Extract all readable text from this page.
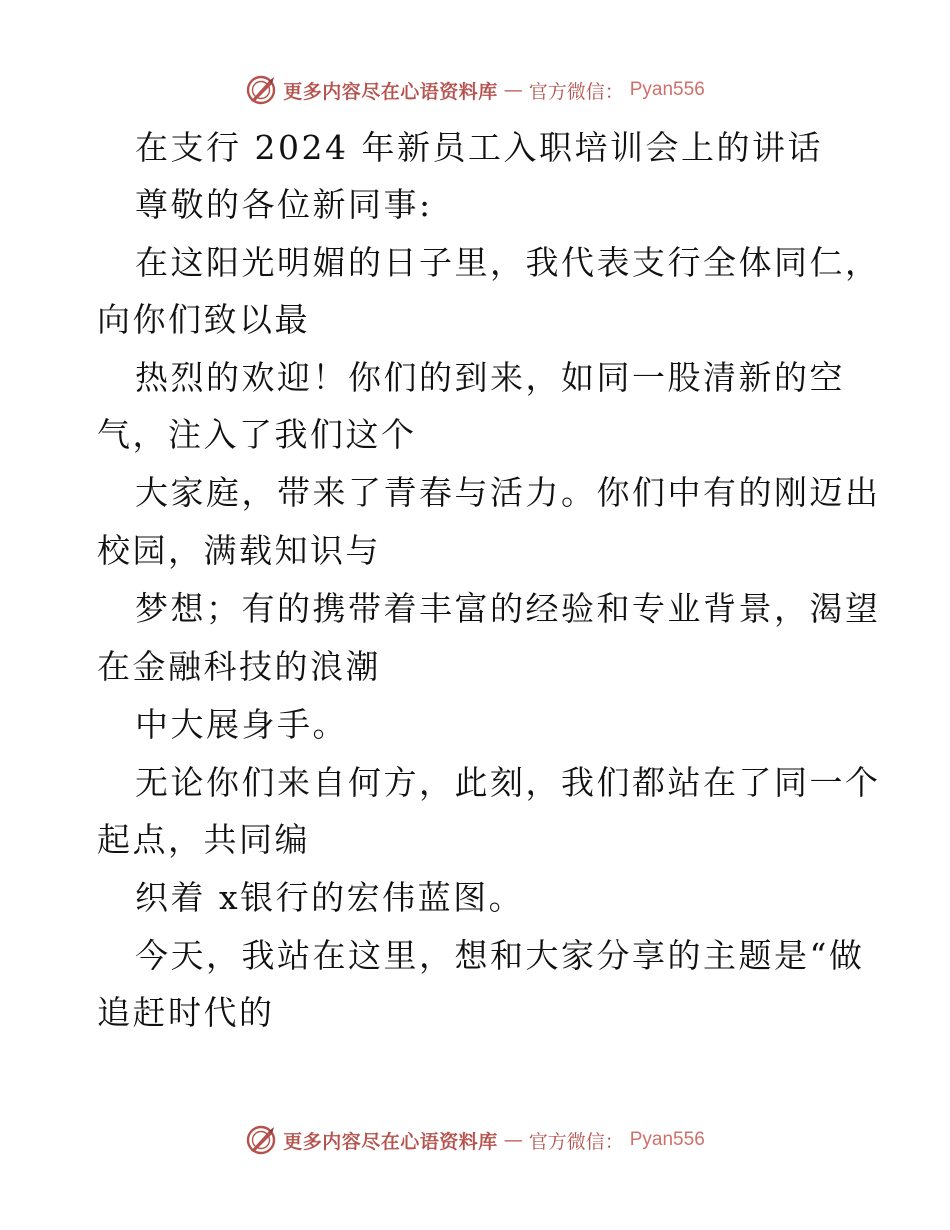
更多内容尽在心语资料库 — 官方微信： Pyan556
在支行 2024 年新员工入职培训会上的讲话
尊敬的各位新同事:
在这阳光明媚的日子里，我代表支行全体同仁，
向你们致以最
热烈的欢迎！你们的到来，如同一股清新的空
气，注入了我们这个
大家庭，带来了青春与活力。你们中有的刚迈出
校园，满载知识与
梦想；有的携带着丰富的经验和专业背景，渴望
在金融科技的浪潮
中大展身手。
无论你们来自何方，此刻，我们都站在了同一个
起点，共同编
织着 x银行的宏伟蓝图。
今天，我站在这里，想和大家分享的主题是“做
追赶时代的
更多内容尽在心语资料库 — 官方微信： Pyan556
